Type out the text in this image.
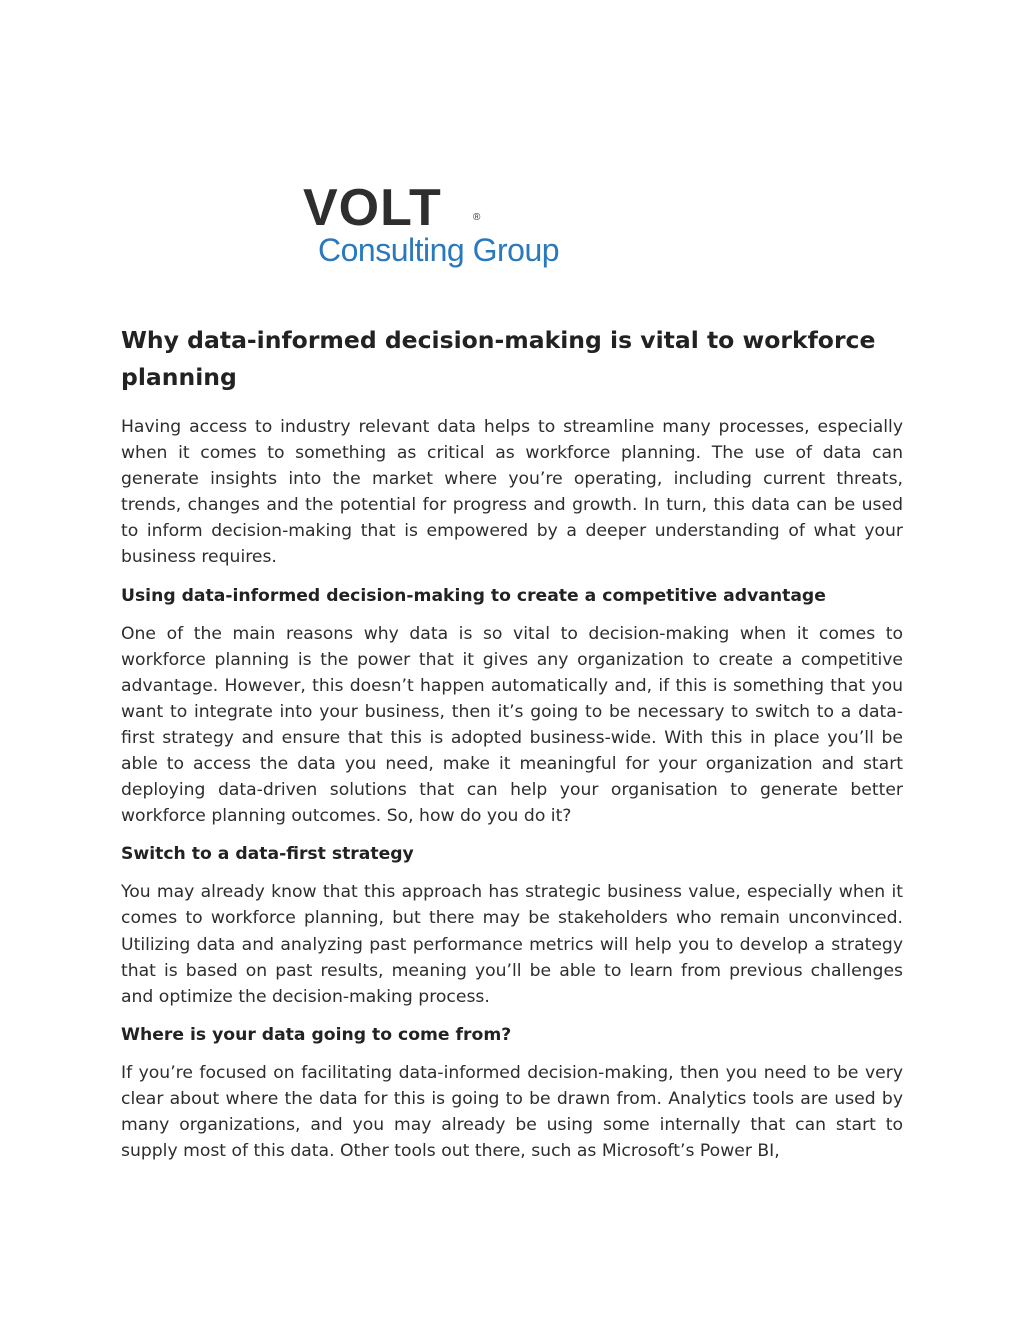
VOLT	®
Consulting Group
Why data-informed decision-making is vital to workforce planning

Having access to industry relevant data helps to streamline many processes, especially when it comes to something as critical as workforce planning. The use of data can generate insights into the market where you’re operating, including current threats, trends, changes and the potential for progress and growth. In turn, this data can be used to inform decision-making that is empowered by a deeper understanding of what your business requires.

Using data-informed decision-making to create a competitive advantage

One of the main reasons why data is so vital to decision-making when it comes to workforce planning is the power that it gives any organization to create a competitive advantage. However, this doesn’t happen automatically and, if this is something that you want to integrate into your business, then it’s going to be necessary to switch to a data-first strategy and ensure that this is adopted business-wide. With this in place you’ll be able to access the data you need, make it meaningful for your organization and start deploying data-driven solutions that can help your organisation to generate better workforce planning outcomes. So, how do you do it?

Switch to a data-first strategy

You may already know that this approach has strategic business value, especially when it comes to workforce planning, but there may be stakeholders who remain unconvinced. Utilizing data and analyzing past performance metrics will help you to develop a strategy that is based on past results, meaning you’ll be able to learn from previous challenges and optimize the decision-making process.

Where is your data going to come from?

If you’re focused on facilitating data-informed decision-making, then you need to be very clear about where the data for this is going to be drawn from. Analytics tools are used by many organizations, and you may already be using some internally that can start to supply most of this data. Other tools out there, such as Microsoft’s Power BI,
